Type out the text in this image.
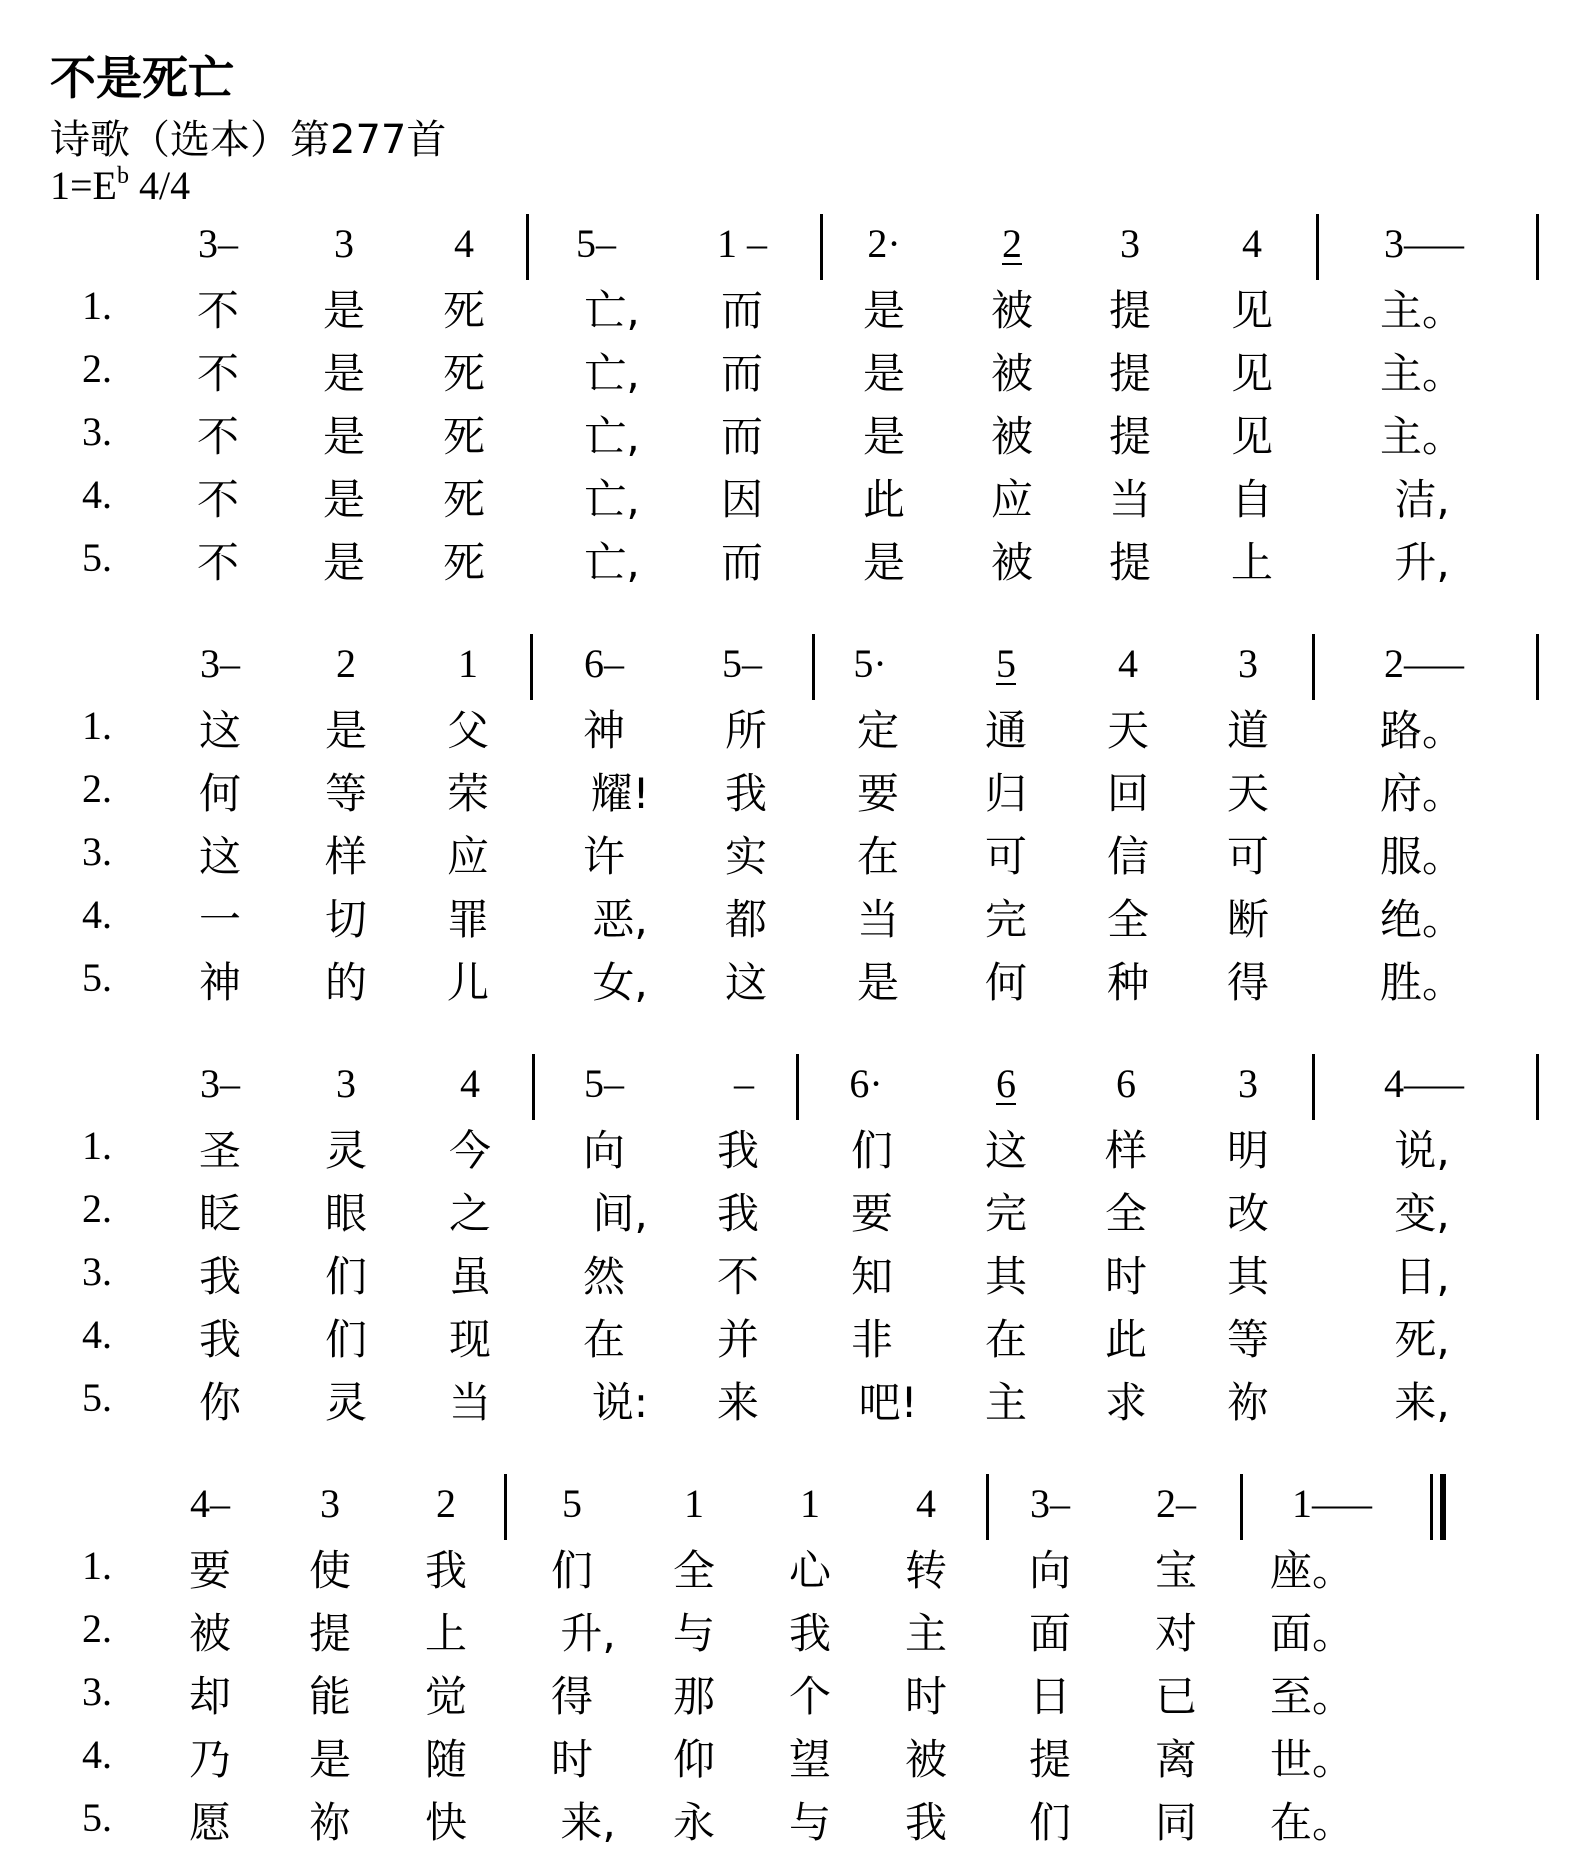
不是死亡
诗歌（选本）第277首
$1=E^b$ 4/4
3– 3	4	5–	1 –	2·	2 3	4	3–––
1. 不 是 死 亡, 而 是 被 提 见	主。
2. 不 是 死 亡, 而 是 被 提 见	主。
3. 不 是 死 亡, 而 是 被 提 见	主。
4. 不 是 死 亡, 因 此 应 当 自	洁,
5. 不 是 死 亡, 而 是 被 提 上	升,
3– 2	1	6– 5– 5·	5	4	3	2–––
1. 这 是 父 神 所 定 通 天 道	路。
2. 何 等 荣 耀! 我 要 归 回 天	府。
3. 这 样 应 许 实 在 可 信 可	服。
4. 一 切 罪 恶, 都 当 完 全 断	绝。
5. 神 的 儿 女, 这 是 何 种 得	胜。
3– 3	4	5–	– 6·	6	6	3	4–––
1. 圣 灵 今 向 我 们 这 样 明	说,
2. 眨 眼 之 间, 我 要 完 全 改	变,
3. 我 们 虽 然 不 知 其 时 其	日,
4. 我 们 现 在 并 非 在 此 等	死,
5. 你 灵 当 说: 来 吧! 主 求 祢	来,
4– 3 2	5	1 1 4 3– 2– 1–––
1. 要 使 我 们 全 心 转 向 宝 座。
2. 被 提 上 升, 与 我 主 面 对 面。
3. 却 能 觉 得 那 个 时 日 已 至。
4. 乃 是 随 时 仰 望 被 提 离 世。
5. 愿 祢 快 来, 永 与 我 们 同 在。
